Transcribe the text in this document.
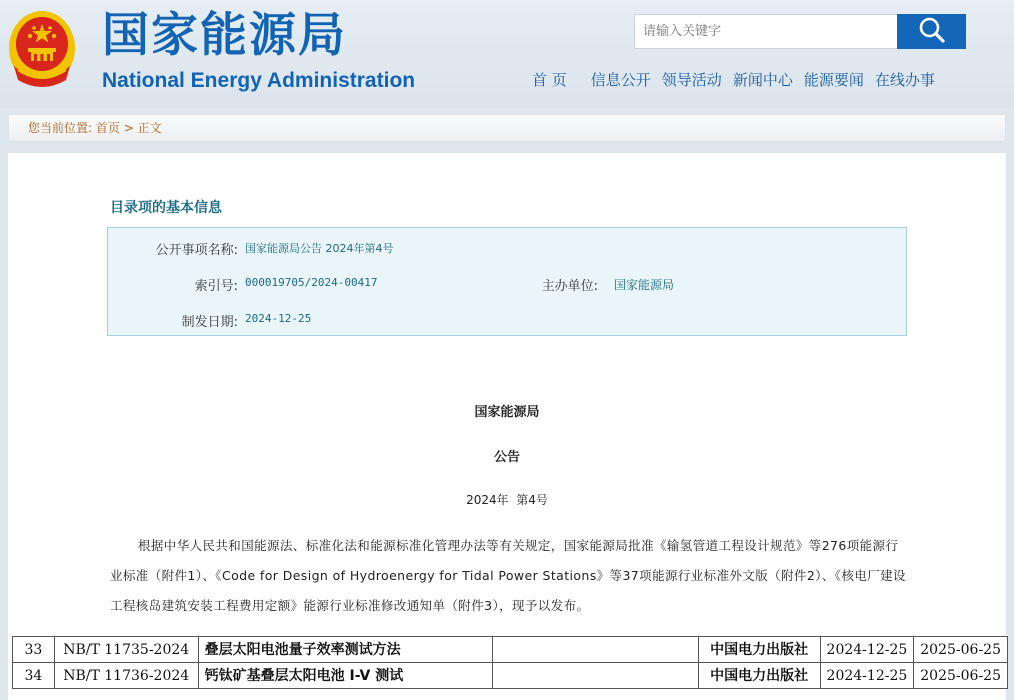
国家能源局
National Energy Administration
请输入关键字	首 页 信息公开 领导活动 新闻中心 能源要闻 在线办事
您当前位置: 首页 > 正文
目录项的基本信息
公开事项名称: 国家能源局公告 2024年第4号
索引号: 000019705/2024-00417	主办单位: 国家能源局
制发日期: 2024-12-25
国家能源局
公告
2024年  第4号
根据中华人民共和国能源法、标准化法和能源标准化管理办法等有关规定，国家能源局批准《输氢管道工程设计规范》等276项能源行业标准（附件1）、《Code for Design of Hydroenergy for Tidal Power Stations》等37项能源行业标准外文版（附件2）、《核电厂建设工程核岛建筑安装工程费用定额》能源行业标准修改通知单（附件3），现予以发布。
33	NB/T 11735-2024	叠层太阳电池量子效率测试方法		中国电力出版社	2024-12-25	2025-06-25
34	NB/T 11736-2024	钙钛矿基叠层太阳电池 I-V 测试		中国电力出版社	2024-12-25	2025-06-25
